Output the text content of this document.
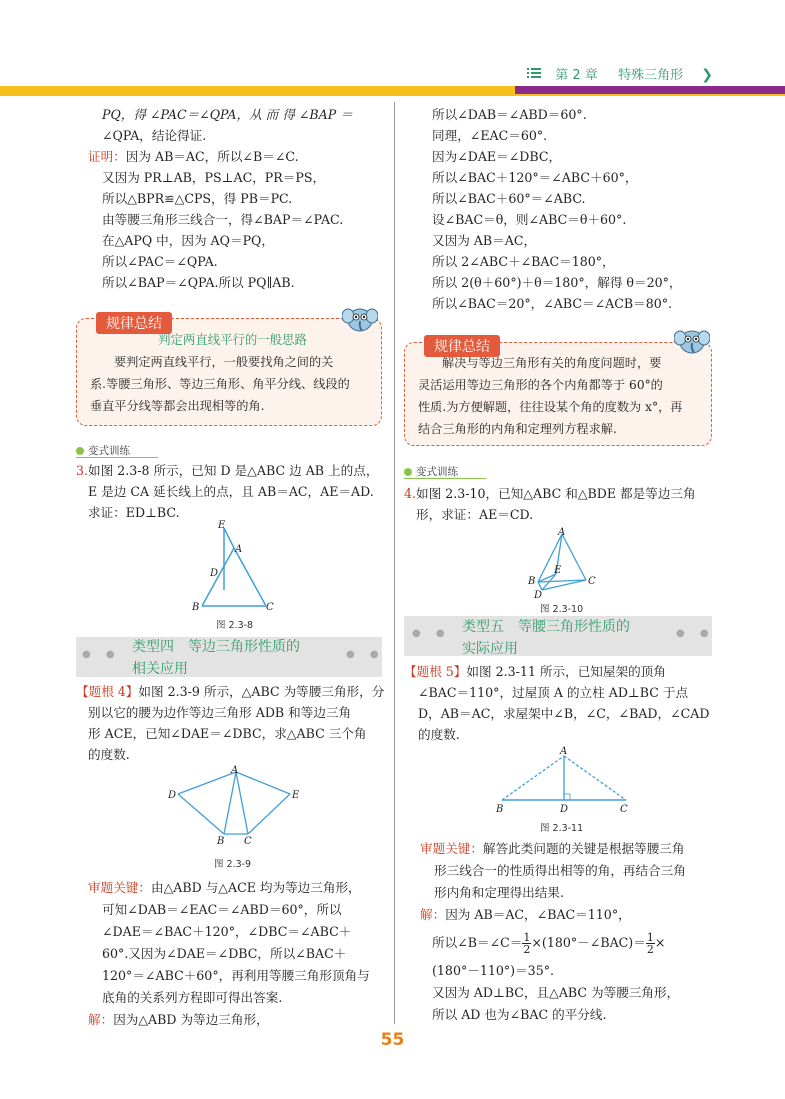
第 2 章 特殊三角形 ❯
PQ，得 ∠PAC＝∠QPA，从 而 得 ∠BAP ＝
∠QPA，结论得证.
证明：因为 AB＝AC，所以∠B＝∠C.
又因为 PR⊥AB，PS⊥AC，PR＝PS，
所以△BPR≌△CPS，得 PB＝PC.
由等腰三角形三线合一，得∠BAP＝∠PAC.
在△APQ 中，因为 AQ＝PQ，
所以∠PAC＝∠QPA.
所以∠BAP＝∠QPA.所以 PQ∥AB.
规律总结
判定两直线平行的一般思路
要判定两直线平行，一般要找角之间的关
系.等腰三角形、等边三角形、角平分线、线段的
垂直平分线等都会出现相等的角.
变式训练
3.如图 2.3-8 所示，已知 D 是△ABC 边 AB 上的点，
E 是边 CA 延长线上的点，且 AB＝AC，AE＝AD.
求证：ED⊥BC.
E
A
D
B	C
图 2.3-8
● ●	● ●
类型四　等边三角形性质的
相关应用
【题根 4】如图 2.3-9 所示，△ABC 为等腰三角形，分
别以它的腰为边作等边三角形 ADB 和等边三角
形 ACE，已知∠DAE＝∠DBC，求△ABC 三个角
的度数.
A
D	E
B C
图 2.3-9
审题关键：由△ABD 与△ACE 均为等边三角形，
可知∠DAB＝∠EAC＝∠ABD＝60°，所以
∠DAE＝∠BAC＋120°，∠DBC＝∠ABC＋
60°.又因为∠DAE＝∠DBC，所以∠BAC＋
120°＝∠ABC＋60°，再利用等腰三角形顶角与
底角的关系列方程即可得出答案.
解：因为△ABD 为等边三角形，
所以∠DAB＝∠ABD＝60°.
同理，∠EAC＝60°.
因为∠DAE＝∠DBC，
所以∠BAC＋120°＝∠ABC＋60°，
所以∠BAC＋60°＝∠ABC.
设∠BAC＝θ，则∠ABC＝θ＋60°.
又因为 AB＝AC，
所以 2∠ABC＋∠BAC＝180°，
所以 2(θ＋60°)＋θ＝180°，解得 θ＝20°，
所以∠BAC＝20°，∠ABC＝∠ACB＝80°.
规律总结
解决与等边三角形有关的角度问题时，要
灵活运用等边三角形的各个内角都等于 60°的
性质.为方便解题，往往设某个角的度数为 x°，再
结合三角形的内角和定理列方程求解.
变式训练
4.如图 2.3-10，已知△ABC 和△BDE 都是等边三角
形，求证：AE＝CD.
A
E
B	C
D
图 2.3-10
● ●	● ●
类型五　等腰三角形性质的
实际应用
【题根 5】如图 2.3-11 所示，已知屋架的顶角
∠BAC＝110°，过屋顶 A 的立柱 AD⊥BC 于点
D，AB＝AC，求屋架中∠B，∠C，∠BAD，∠CAD
的度数.
A
B	D	C
图 2.3-11
审题关键：解答此类问题的关键是根据等腰三角
形三线合一的性质得出相等的角，再结合三角
形内角和定理得出结果.
解：因为 AB＝AC，∠BAC＝110°，
所以∠B＝∠C＝ $\frac{1}{2}$ ×(180°－∠BAC)＝ $\frac{1}{2}$ ×
(180°－110°)＝35°.
又因为 AD⊥BC，且△ABC 为等腰三角形，
所以 AD 也为∠BAC 的平分线.
55
